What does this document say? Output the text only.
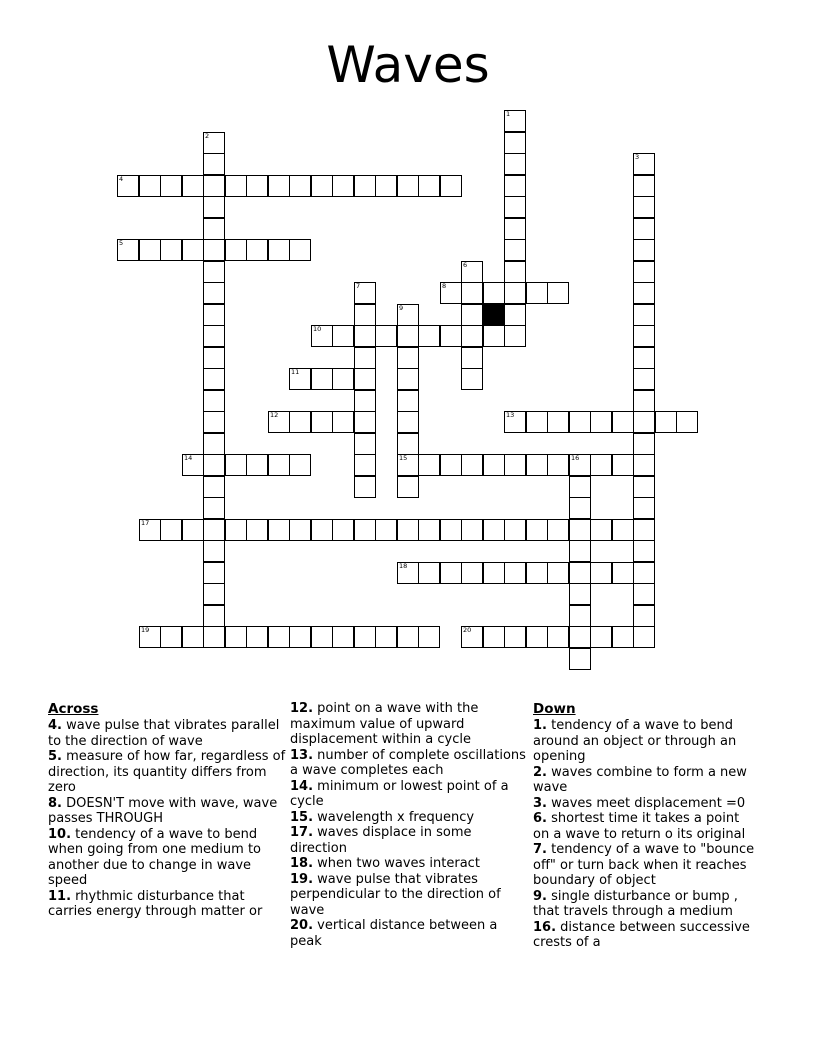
Waves
1
2
3
4
5
6
7	8
9
15
10
11
12	13
14	16
17
18
19	20
Across

4. wave pulse that vibrates parallel to the direction of wave

5. measure of how far, regardless of direction, its quantity differs from zero

8. DOESN'T move with wave, wave passes THROUGH

10. tendency of a wave to bend when going from one medium to another due to change in wave speed

11. rhythmic disturbance that carries energy through matter or

12. point on a wave with the maximum value of upward displacement within a cycle

13. number of complete oscillations a wave completes each

14. minimum or lowest point of a cycle

15. wavelength x frequency

17. waves displace in some direction

18. when two waves interact

19. wave pulse that vibrates perpendicular to the direction of wave

20. vertical distance between a peak

Down

1. tendency of a wave to bend around an object or through an opening

2. waves combine to form a new wave

3. waves meet displacement =0

6. shortest time it takes a point on a wave to return o its original

7. tendency of a wave to "bounce off" or turn back when it reaches boundary of object

9. single disturbance or bump , that travels through a medium

16. distance between successive crests of a
